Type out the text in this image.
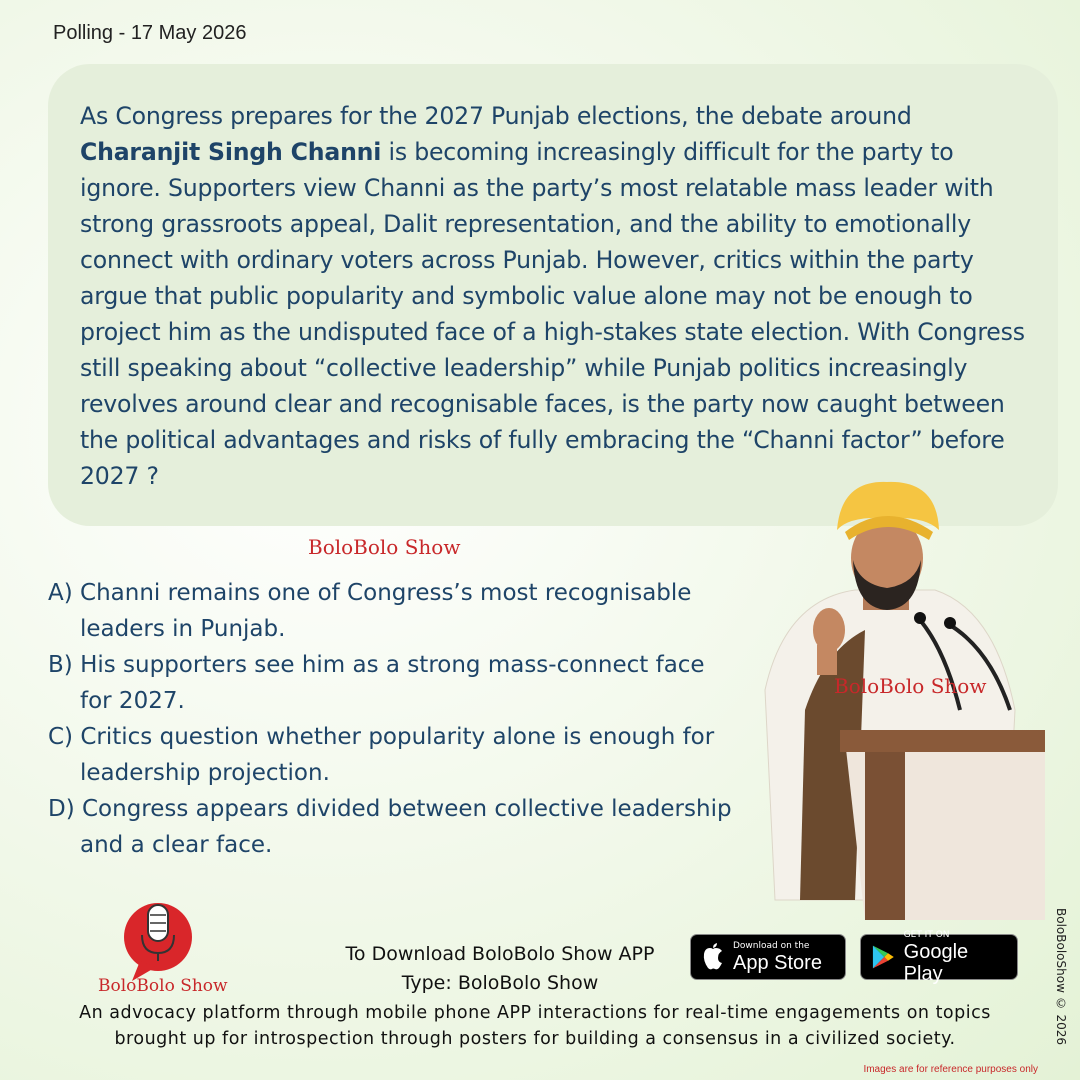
Polling - 17 May 2026

As Congress prepares for the 2027 Punjab elections, the debate around Charanjit Singh Channi is becoming increasingly difficult for the party to ignore. Supporters view Channi as the party’s most relatable mass leader with strong grassroots appeal, Dalit representation, and the ability to emotionally connect with ordinary voters across Punjab. However, critics within the party argue that public popularity and symbolic value alone may not be enough to project him as the undisputed face of a high-stakes state election. With Congress still speaking about “collective leadership” while Punjab politics increasingly revolves around clear and recognisable faces, is the party now caught between the political advantages and risks of fully embracing the “Channi factor” before 2027 ?

BoloBolo Show
A) Channi remains one of Congress’s most recognisable leaders in Punjab.
B) His supporters see him as a strong mass-connect face for 2027.
C) Critics question whether popularity alone is enough for leadership projection.
D) Congress appears divided between collective leadership and a clear face.
BoloBolo Show
BoloBolo Show
To Download BoloBolo Show APP
Type: BoloBolo Show
Download on the
App Store
GET IT ON
Google Play
An advocacy platform through mobile phone APP interactions for real-time engagements on topics
brought up for introspection through posters for building a consensus in a civilized society.	BoloBoloShow © 2026
Images are for reference purposes only
